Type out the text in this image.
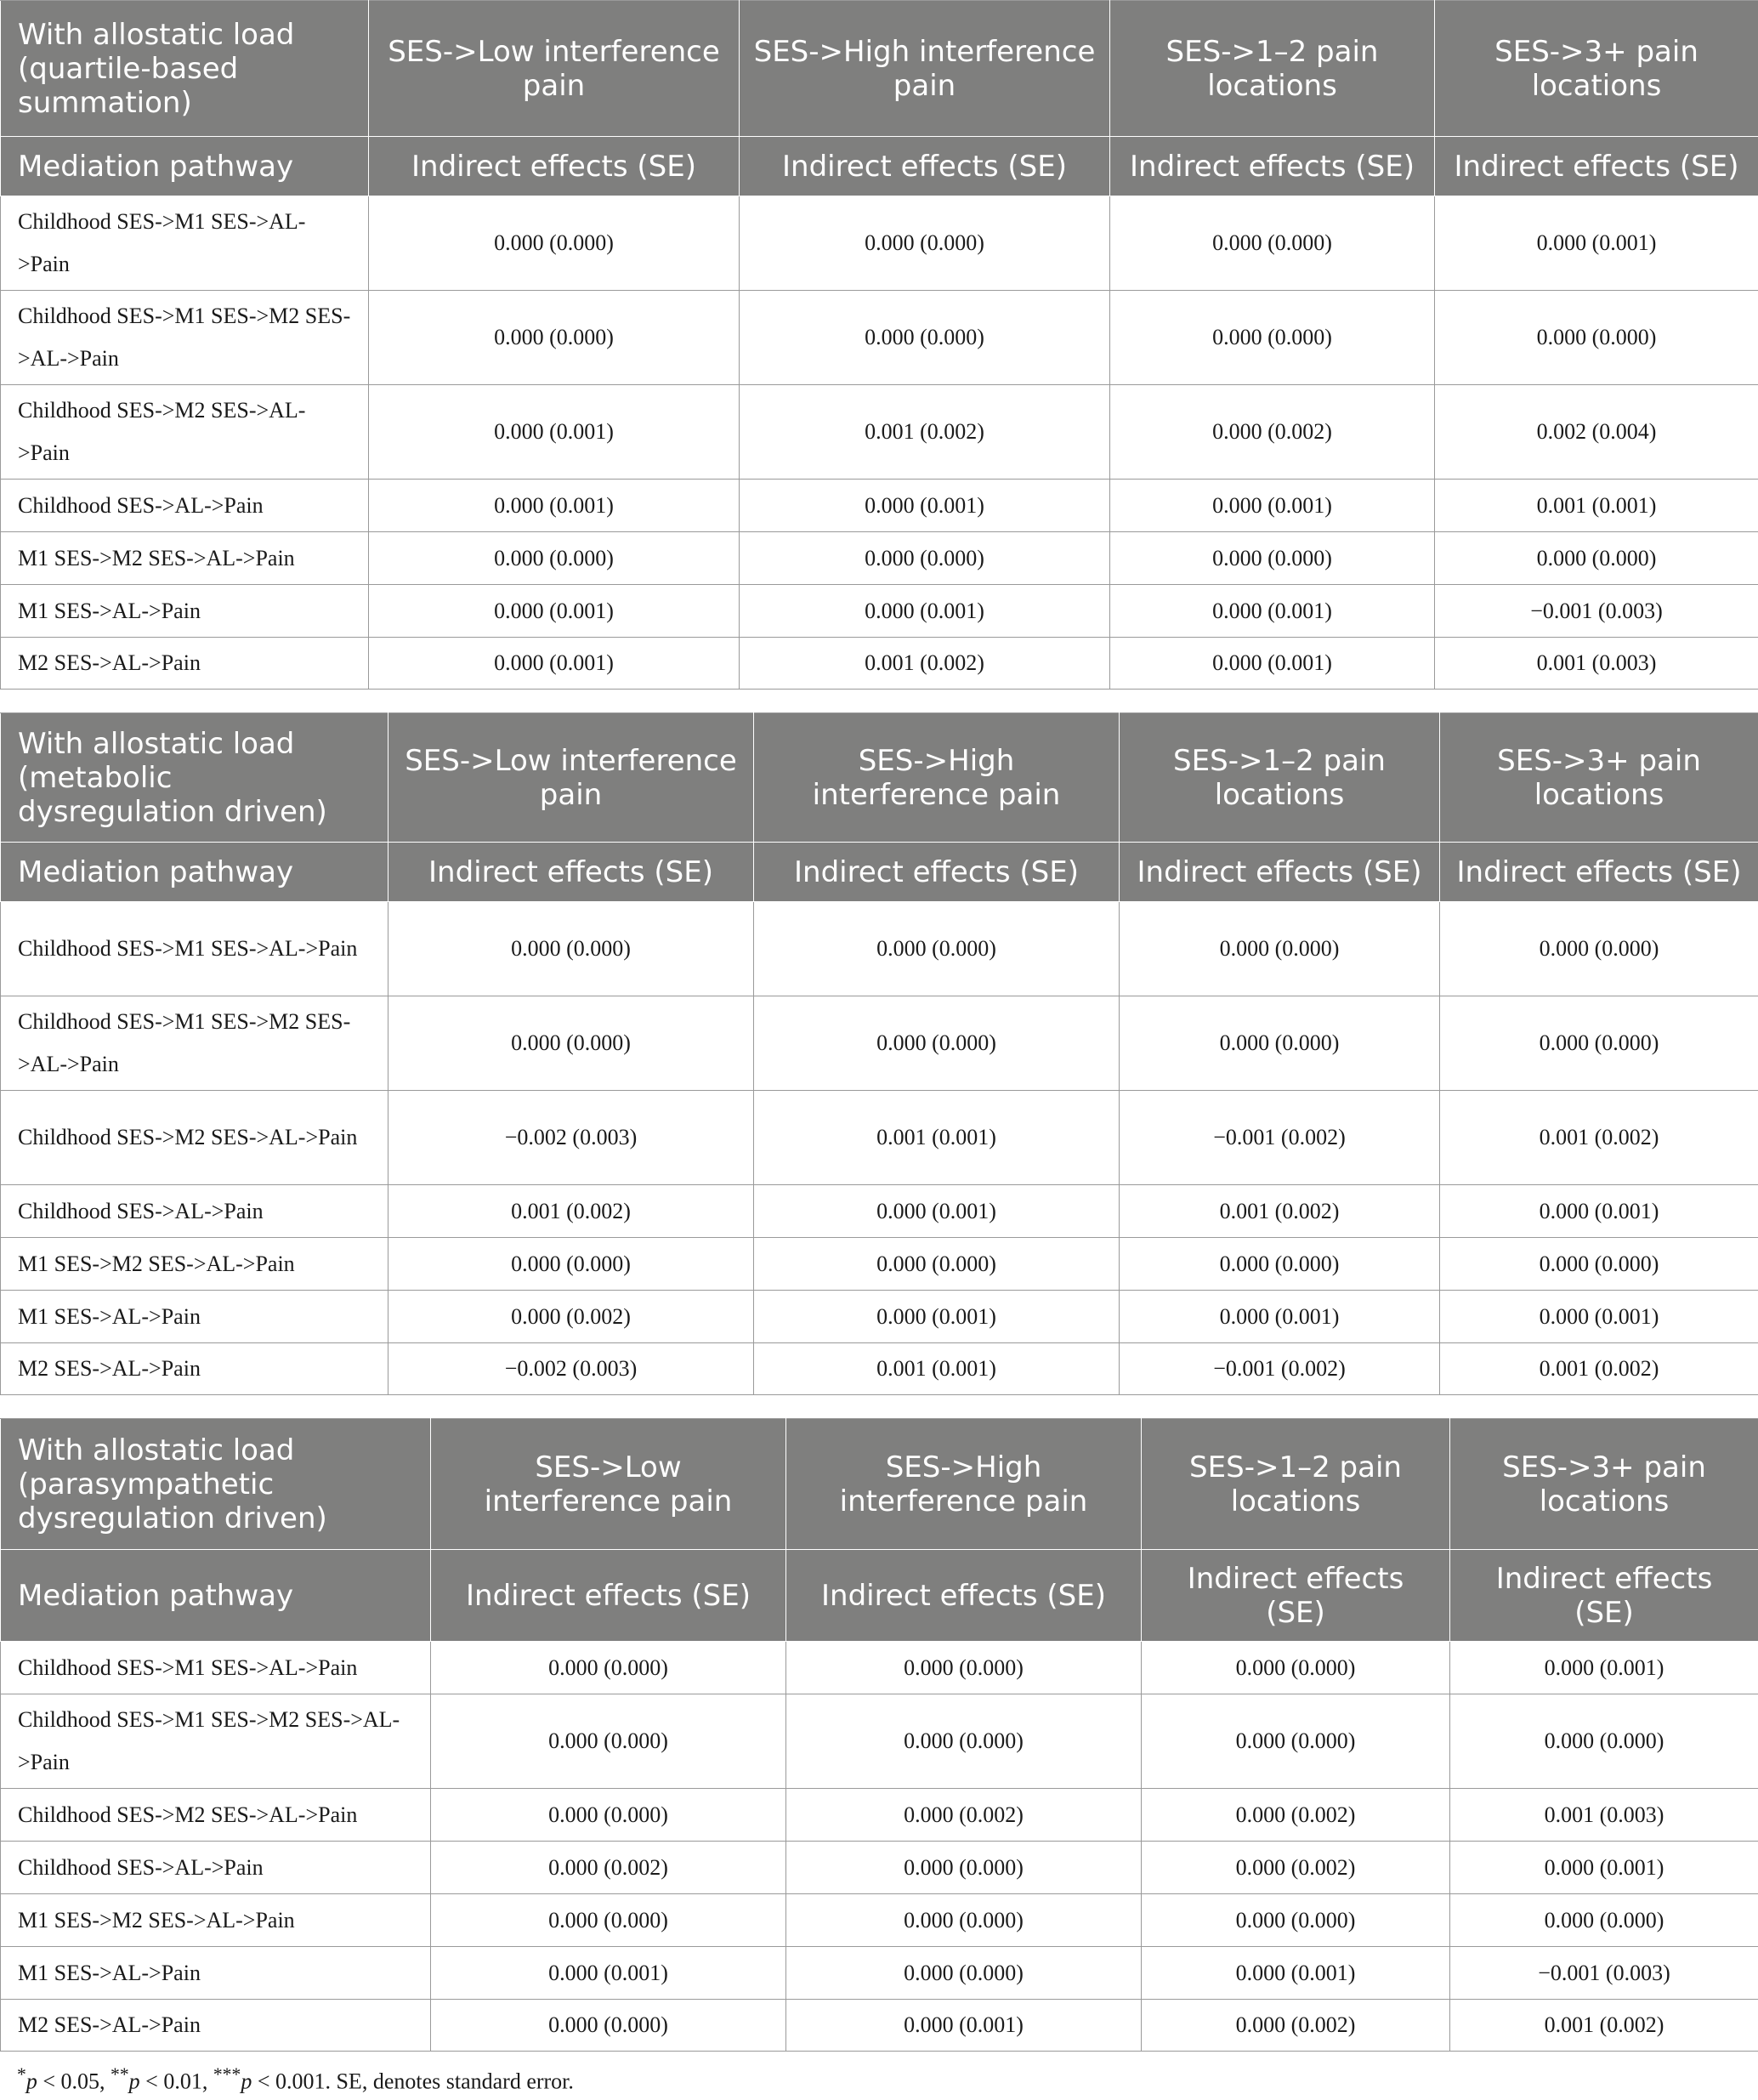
With allostatic load (quartile-based summation)	SES->Low interference pain	SES->High interference pain	SES->1–2 pain locations	SES->3+ pain locations
Mediation pathway	Indirect effects (SE)	Indirect effects (SE)	Indirect effects (SE)	Indirect effects (SE)
Childhood SES->M1 SES->AL->Pain	0.000 (0.000)	0.000 (0.000)	0.000 (0.000)	0.000 (0.001)
Childhood SES->M1 SES->M2 SES->AL->Pain	0.000 (0.000)	0.000 (0.000)	0.000 (0.000)	0.000 (0.000)
Childhood SES->M2 SES->AL->Pain	0.000 (0.001)	0.001 (0.002)	0.000 (0.002)	0.002 (0.004)
Childhood SES->AL->Pain	0.000 (0.001)	0.000 (0.001)	0.000 (0.001)	0.001 (0.001)
M1 SES->M2 SES->AL->Pain	0.000 (0.000)	0.000 (0.000)	0.000 (0.000)	0.000 (0.000)
M1 SES->AL->Pain	0.000 (0.001)	0.000 (0.001)	0.000 (0.001)	−0.001 (0.003)
M2 SES->AL->Pain	0.000 (0.001)	0.001 (0.002)	0.000 (0.001)	0.001 (0.003)
With allostatic load (metabolic dysregulation driven)	SES->Low interference pain	SES->High interference pain	SES->1–2 pain locations	SES->3+ pain locations
Mediation pathway	Indirect effects (SE)	Indirect effects (SE)	Indirect effects (SE)	Indirect effects (SE)
Childhood SES->M1 SES->AL->Pain	0.000 (0.000)	0.000 (0.000)	0.000 (0.000)	0.000 (0.000)
Childhood SES->M1 SES->M2 SES->AL->Pain	0.000 (0.000)	0.000 (0.000)	0.000 (0.000)	0.000 (0.000)
Childhood SES->M2 SES->AL->Pain	−0.002 (0.003)	0.001 (0.001)	−0.001 (0.002)	0.001 (0.002)
Childhood SES->AL->Pain	0.001 (0.002)	0.000 (0.001)	0.001 (0.002)	0.000 (0.001)
M1 SES->M2 SES->AL->Pain	0.000 (0.000)	0.000 (0.000)	0.000 (0.000)	0.000 (0.000)
M1 SES->AL->Pain	0.000 (0.002)	0.000 (0.001)	0.000 (0.001)	0.000 (0.001)
M2 SES->AL->Pain	−0.002 (0.003)	0.001 (0.001)	−0.001 (0.002)	0.001 (0.002)
With allostatic load (parasympathetic dysregulation driven)	SES->Low interference pain	SES->High interference pain	SES->1–2 pain locations	SES->3+ pain locations
Mediation pathway	Indirect effects (SE)	Indirect effects (SE)	Indirect effects (SE)	Indirect effects (SE)
Childhood SES->M1 SES->AL->Pain	0.000 (0.000)	0.000 (0.000)	0.000 (0.000)	0.000 (0.001)
Childhood SES->M1 SES->M2 SES->AL->Pain	0.000 (0.000)	0.000 (0.000)	0.000 (0.000)	0.000 (0.000)
Childhood SES->M2 SES->AL->Pain	0.000 (0.000)	0.000 (0.002)	0.000 (0.002)	0.001 (0.003)
Childhood SES->AL->Pain	0.000 (0.002)	0.000 (0.000)	0.000 (0.002)	0.000 (0.001)
M1 SES->M2 SES->AL->Pain	0.000 (0.000)	0.000 (0.000)	0.000 (0.000)	0.000 (0.000)
M1 SES->AL->Pain	0.000 (0.001)	0.000 (0.000)	0.000 (0.001)	−0.001 (0.003)
M2 SES->AL->Pain	0.000 (0.000)	0.000 (0.001)	0.000 (0.002)	0.001 (0.002)
*p < 0.05, **p < 0.01, ***p < 0.001. SE, denotes standard error.
